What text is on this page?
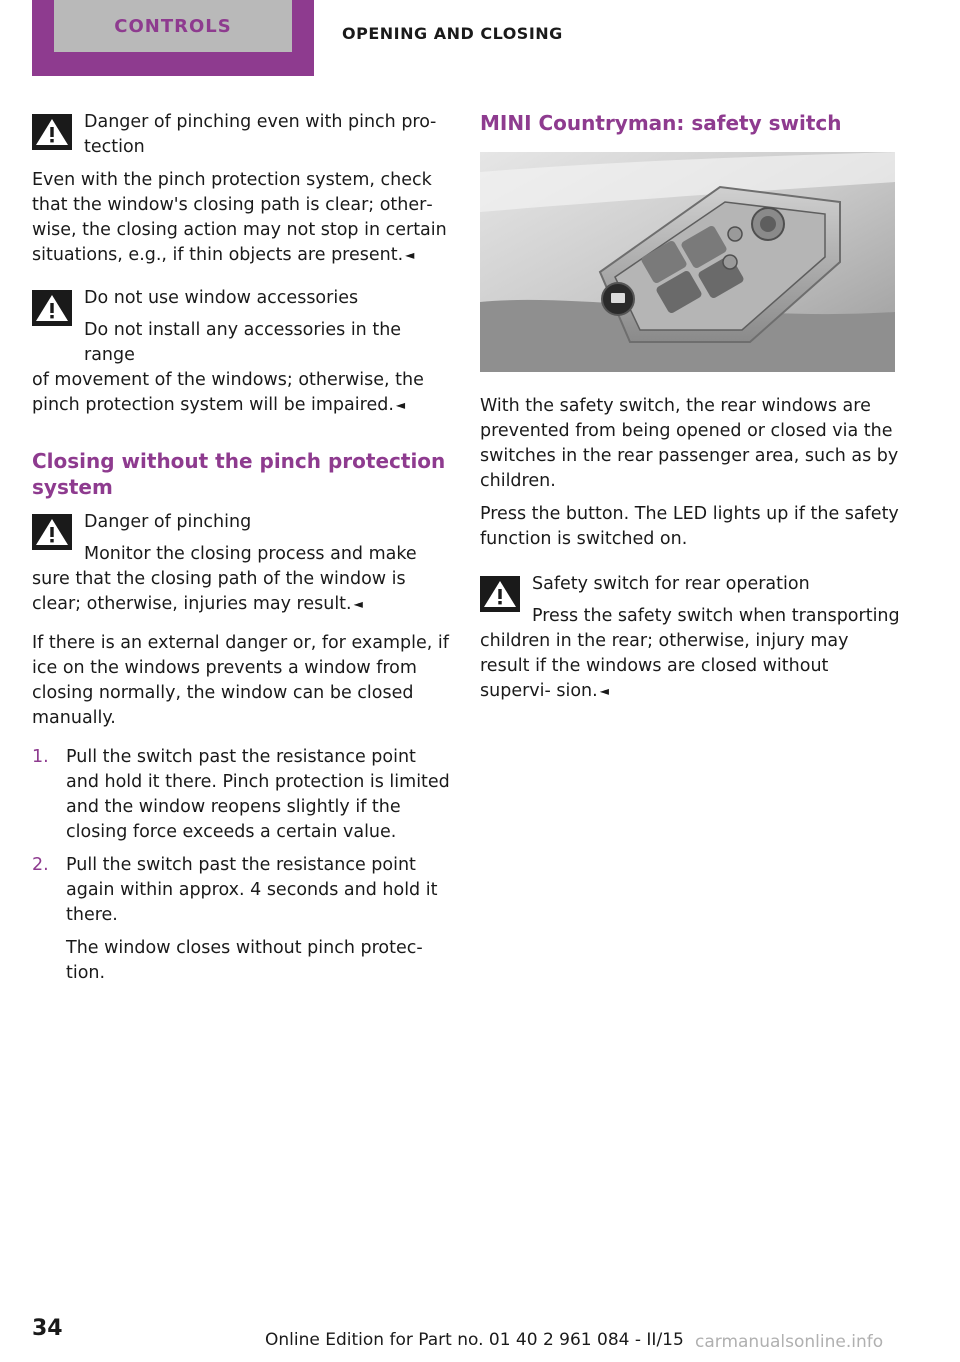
CONTROLS	OPENING AND CLOSING
Danger of pinching even with pinch pro‐ tection

Even with the pinch protection system, check that the window's closing path is clear; other‐ wise, the closing action may not stop in certain situations, e.g., if thin objects are present. ◄

Do not use window accessories
Do not install any accessories in the range
of movement of the windows; otherwise, the pinch protection system will be impaired. ◄
Closing without the pinch protection system
Danger of pinching
Monitor the closing process and make
sure that the closing path of the window is clear; otherwise, injuries may result. ◄

If there is an external danger or, for example, if ice on the windows prevents a window from closing normally, the window can be closed manually.

1. Pull the switch past the resistance point and hold it there. Pinch protection is limited and the window reopens slightly if the closing force exceeds a certain value.
2. Pull the switch past the resistance point again within approx. 4 seconds and hold it there.
The window closes without pinch protec‐ tion.
MINI Countryman: safety switch

With the safety switch, the rear windows are prevented from being opened or closed via the switches in the rear passenger area, such as by children.

Press the button. The LED lights up if the safety function is switched on.

Safety switch for rear operation
Press the safety switch when transporting
children in the rear; otherwise, injury may result if the windows are closed without supervi‐ sion. ◄
34	Online Edition for Part no. 01 40 2 961 084 - II/15 carmanualsonline.info
